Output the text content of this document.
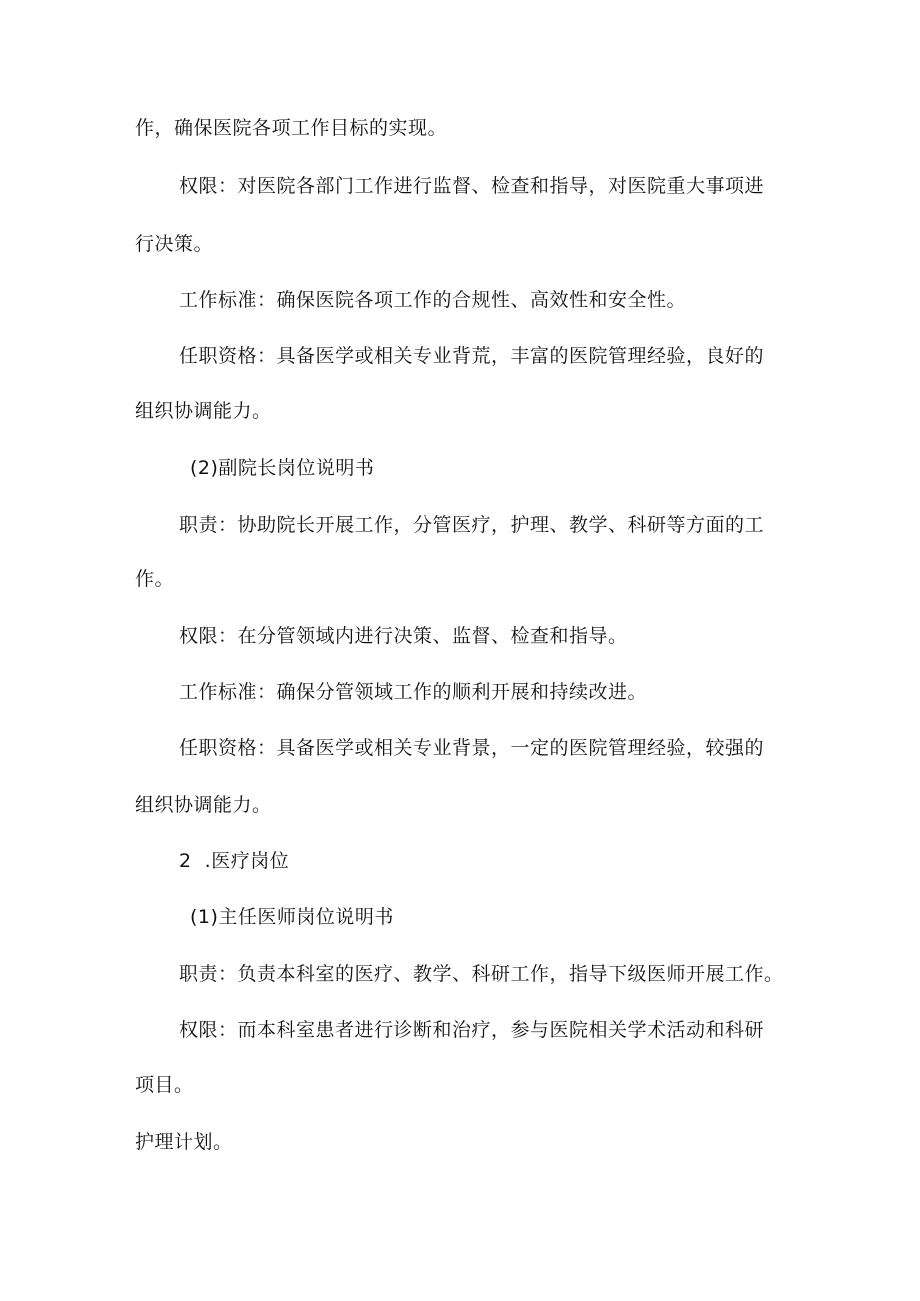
作，确保医院各项工作目标的实现。
权限：对医院各部门工作进行监督、检查和指导，对医院重大事项进
行决策。
工作标准：确保医院各项工作的合规性、高效性和安全性。
任职资格：具备医学或相关专业背荒，丰富的医院管理经验，良好的
组织协调能力。
(2)副院长岗位说明书
职责：协助院长开展工作，分管医疗，护理、教学、科研等方面的工
作。
权限：在分管领域内进行决策、监督、检查和指导。
工作标准：确保分管领域工作的顺利开展和持续改进。
任职资格：具备医学或相关专业背景，一定的医院管理经验，较强的
组织协调能力。
2  .医疗岗位
(1)主任医师岗位说明书
职责：负责本科室的医疗、教学、科研工作，指导下级医师开展工作。
权限：而本科室患者进行诊断和治疗，参与医院相关学术活动和科研
项目。
护理计划。
